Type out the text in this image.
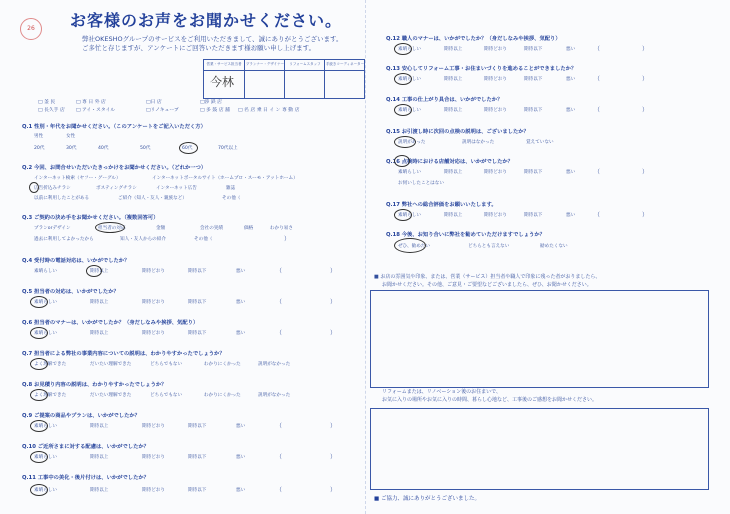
26	お客様のお声をお聞かせください。
弊社OKESHOグループのサービスをご利用いただきまして、誠にありがとうございます。
ご多忙と存じますが、アンケートにご回答いただきます様お願い申し上げます。
営業・サービス担当者	プランナー・デザイナー	リフォームスタッフ	手続きコーディネーター
今林
□ 釜 民	□ 専 日 外 店	□日 店	□渉 鉄 店
□ 多 鼓 店 舗
□ 長久手 店 □ アイ・スタイル	□リノキューブ	□ 名 店 乗 日 イ ン 専 動 店
Q.1 性別・年代をお聞かせください。（このアンケートをご記入いただく方）
男性	女性
20代	30代	40代	50代	60代	70代以上
Q.2 今回、お問合せいただいたきっかけをお聞かせください。（どれか一つ）
インターネット検索（ヤフー・グーグル）	インターネットポータルサイト（ホームプロ・スーモ・アットホーム）
広告折込みチラシ	ポスティングチラシ	インターネット広告	雑誌
以前に利用したことがある	ご紹介（知人・友人・親族など）	その他（
Q.3 ご契約の決め手をお聞かせください。（複数回答可）
プランorデザイン	担当者の対応	金額	会社の実績	価格	わかり易さ
過去に利用してよかったから	知人・友人からの紹介	その他（	）
Q.4 受付時の電話対応は、いかがでしたか？
素晴らしい	期待以上	期待どおり	期待以下	悪い	（　　　　　　　　）
Q.5 担当者の対応は、いかがでしたか？
素晴らしい	期待以上	期待どおり	期待以下	悪い	（　　　　　　　　）
Q.6 担当者のマナーは、いかがでしたか？（身だしなみや挨拶、気配り）
素晴らしい	期待以上	期待どおり	期待以下	悪い	（　　　　　　　　）
Q.7 担当者による弊社の事業内容についての説明は、わかりやすかったでしょうか？
よく理解できた	だいたい理解できた	どちらでもない	わかりにくかった	説明がなかった
Q.8 お見積り内容の説明は、わかりやすかったでしょうか？
よく理解できた	だいたい理解できた	どちらでもない	わかりにくかった	説明がなかった
Q.9 ご提案の商品やプランは、いかがでしたか？
素晴らしい	期待以上	期待どおり	期待以下	悪い	（　　　　　　　　）
Q.10 ご近所さまに対する配慮は、いかがでしたか？
素晴らしい	期待以上	期待どおり	期待以下	悪い	（　　　　　　　　）
Q.11 工事中の美化・後片付けは、いかがでしたか？
素晴らしい	期待以上	期待どおり	期待以下	悪い	（　　　　　　　　）
Q.12 職人のマナーは、いかがでしたか？（身だしなみや挨拶、気配り）
素晴らしい	期待以上	期待どおり	期待以下	悪い	（　　　　　　　）
Q.13 安心してリフォーム工事・お住まいづくりを進めることができましたか？
素晴らしい	期待以上	期待どおり	期待以下	悪い	（　　　　　　　）
Q.14 工事の仕上がり具合は、いかがでしたか？
素晴らしい	期待以上	期待どおり	期待以下	悪い	（　　　　　　　）
Q.15 お引渡し時に次回の点検の説明は、ございましたか？
説明があった	説明はなかった	覚えていない
Q.16 点検時における店舗対応は、いかがでしたか？
素晴らしい	期待以上	期待どおり	期待以下	悪い	（　　　　　　　）
お伺いしたことはない
Q.17 弊社への総合評価をお願いいたします。
素晴らしい	期待以上	期待どおり	期待以下	悪い	（　　　　　　　）
Q.18 今後、お知り合いに弊社を勧めていただけますでしょうか？
ぜひ、勧めたい	どちらとも言えない	勧めたくない
■ お店の雰囲気や印象、または、営業（サービス）担当者や職人で印象に残った者がおりましたら、
お聞かせください。その他、ご意見・ご要望などございましたら、ぜひ、お聞かせください。
リフォームまたは、リノベーション後のお住まいで、
お気に入りの場所やお気に入りの時間、暮らし心地など、工事後のご感想をお聞かせください。
■ ご協力、誠にありがとうございました。
